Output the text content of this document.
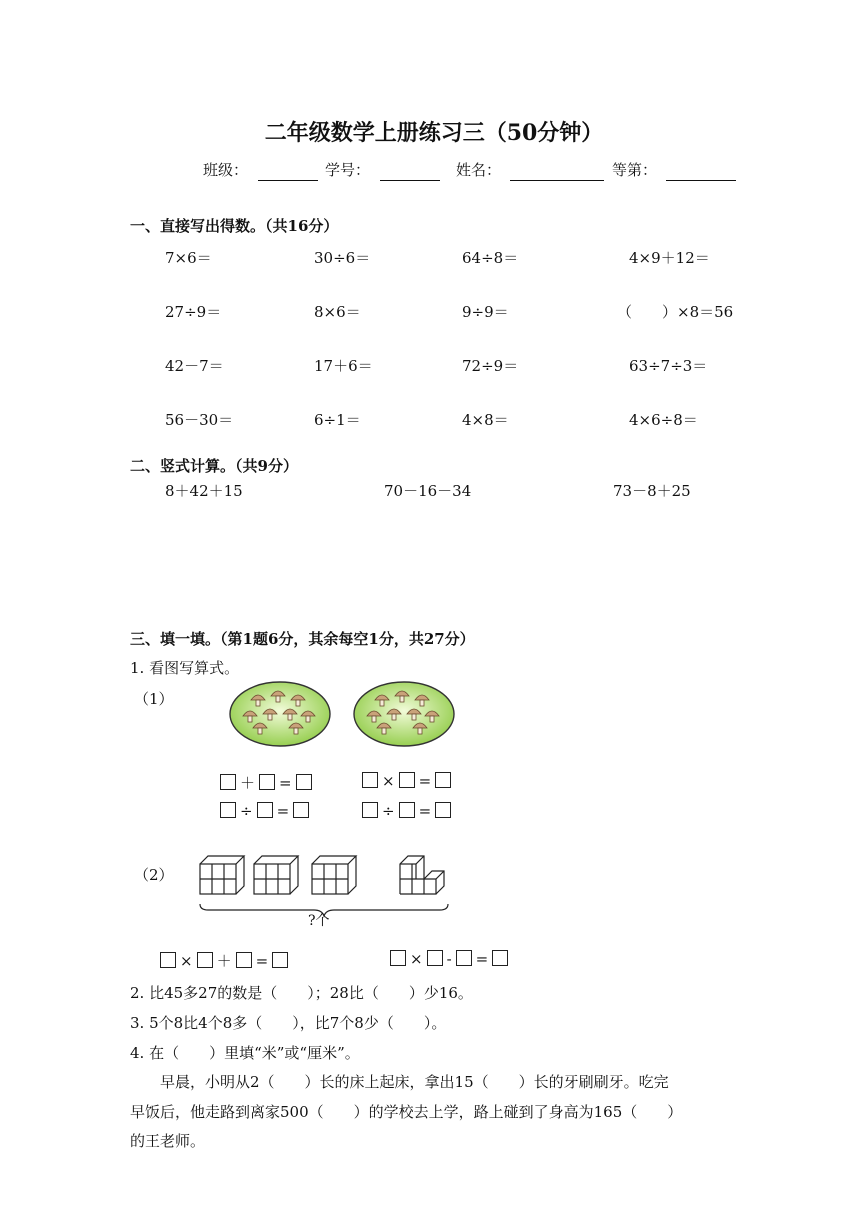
二年级数学上册练习三（50分钟）
班级：	学号：	姓名：	等第：
一、直接写出得数。（共16分）
7×6＝	30÷6＝	64÷8＝	4×9＋12＝
27÷9＝	8×6＝	9÷9＝	（　　）×8＝56
42－7＝	17＋6＝	72÷9＝	63÷7÷3＝
56－30＝	6÷1＝	4×8＝	4×6÷8＝
二、竖式计算。（共9分）
8＋42＋15	70－16－34	73－8＋25
三、填一填。（第1题6分，其余每空1分，共27分）
1. 看图写算式。
（1）
＋ =	× =
÷ =	÷ =
（2）
?个
× ＋ =	× - =
2. 比45多27的数是（　　）；28比（　　）少16。
3. 5个8比4个8多（　　），比7个8少（　　）。
4. 在（　　）里填“米”或“厘米”。
早晨，小明从2（　　）长的床上起床，拿出15（　　）长的牙刷刷牙。吃完
早饭后，他走路到离家500（　　）的学校去上学，路上碰到了身高为165（　　）
的王老师。
